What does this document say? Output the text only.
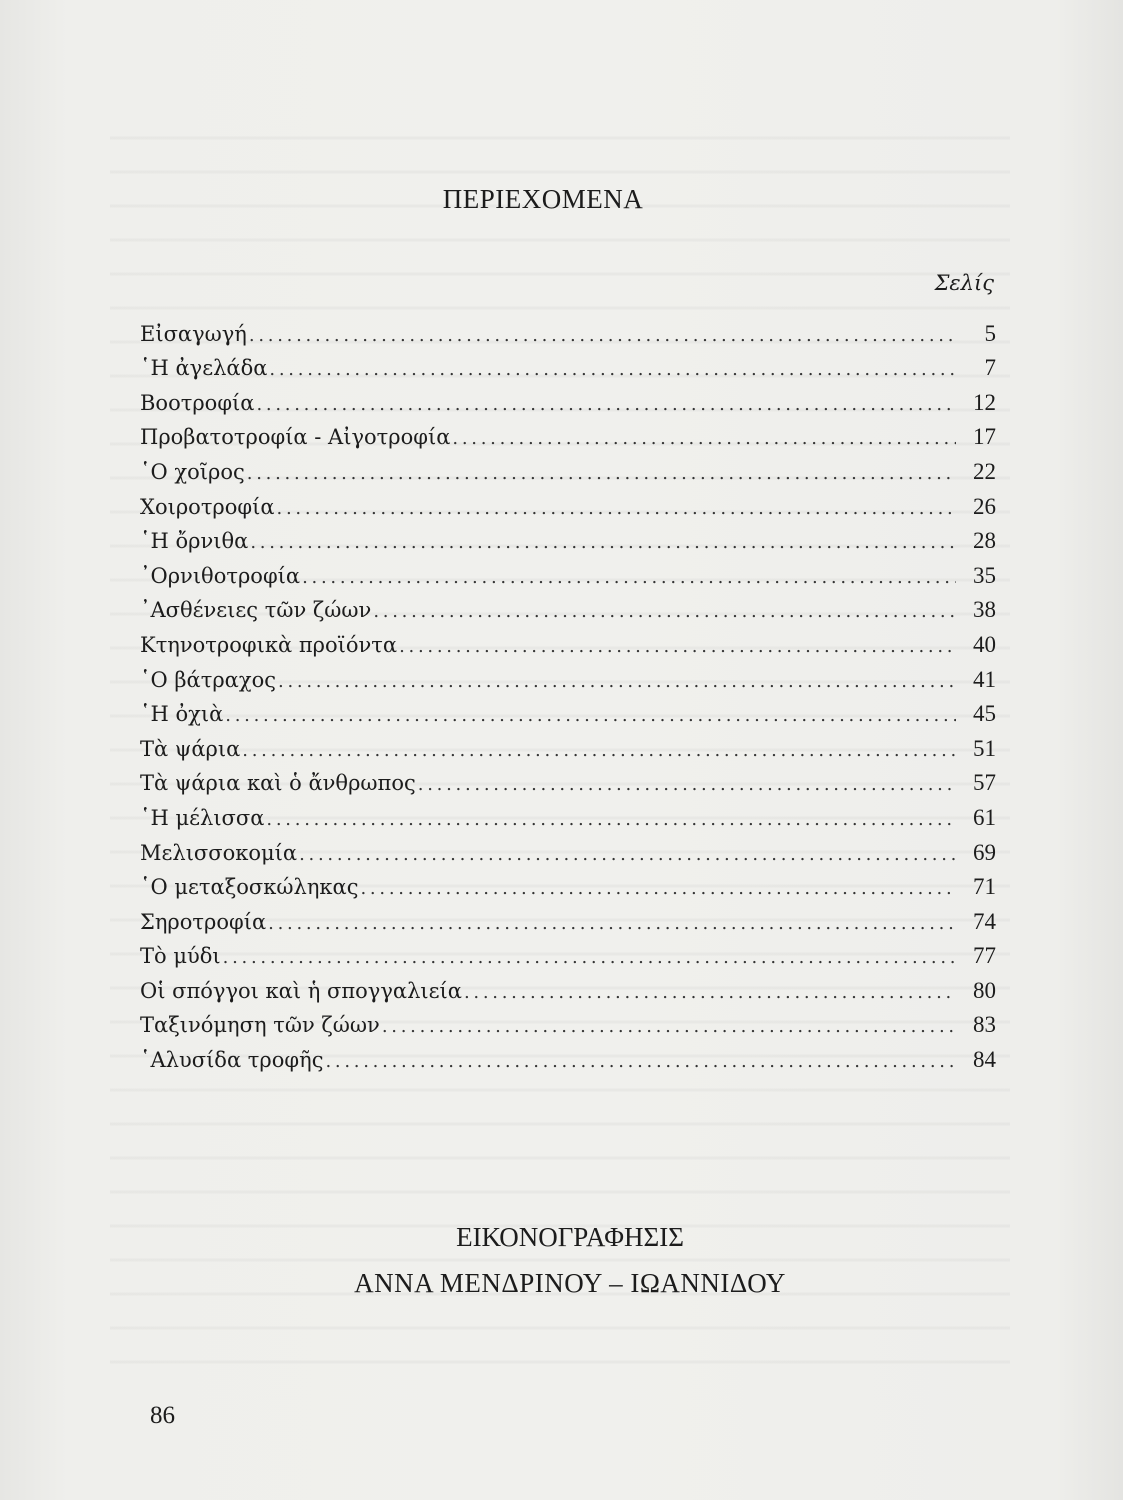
ΠΕΡΙΕΧΟΜΕΝΑ
Σελίς
Εἰσαγωγή . . .	5
῾Η ἀγελάδα . . .	7
Βοοτροφία . . .	12
Προβατοτροφία - Αἰγοτροφία . . .	17
῾Ο χοῖρος . . .	22
Χοιροτροφία . . .	26
῾Η ὄρνιθα . . .	28
᾿Ορνιθοτροφία . . .	35
᾿Ασθένειες τῶν ζώων . . .	38
Κτηνοτροφικὰ προϊόντα . . .	40
῾Ο βάτραχος . . .	41
῾Η ὀχιὰ . . .	45
Τὰ ψάρια . . .	51
Τὰ ψάρια καὶ ὁ ἄνθρωπος . . .	57
῾Η μέλισσα . . .	61
Μελισσοκομία . . .	69
῾Ο μεταξοσκώληκας . . .	71
Σηροτροφία . . .	74
Τὸ μύδι . . .	77
Οἱ σπόγγοι καὶ ἡ σπογγαλιεία . . .	80
Ταξινόμηση τῶν ζώων . . .	83
῾Αλυσίδα τροφῆς . . .	84
ΕΙΚΟΝΟΓΡΑΦΗΣΙΣ
ΑΝΝΑ ΜΕΝΔΡΙΝΟΥ – ΙΩΑΝΝΙΔΟΥ
86
